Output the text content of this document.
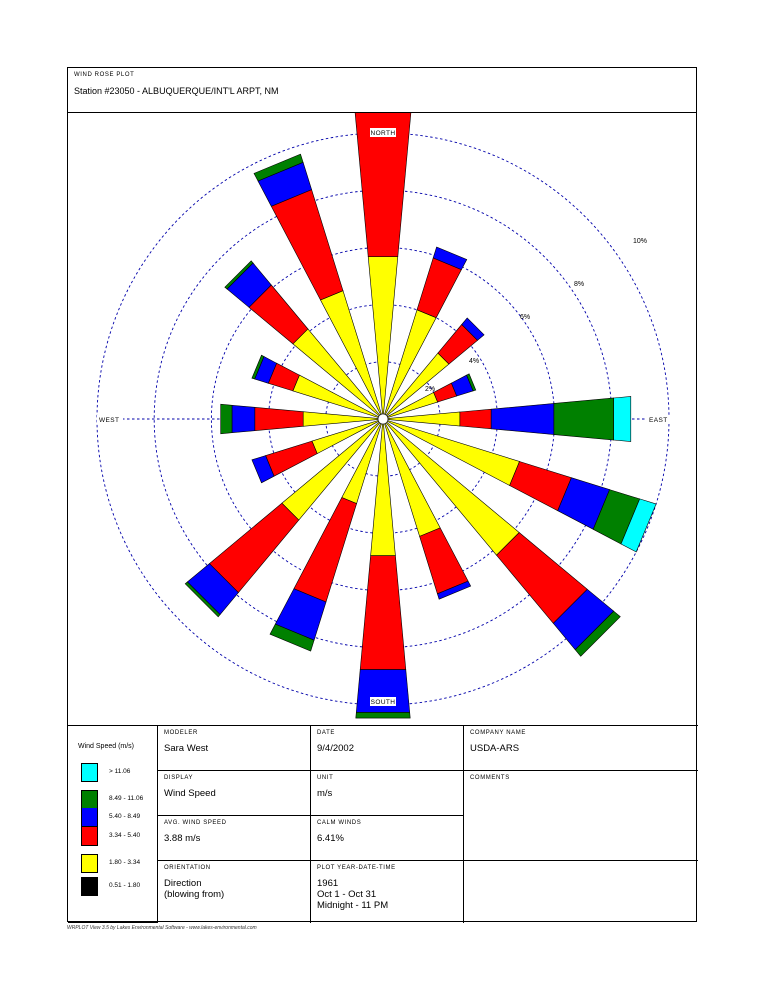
WIND ROSE PLOT
Station #23050 - ALBUQUERQUE/INT'L ARPT, NM
2%
4%
6%
8%
10%
NORTH
SOUTH
EAST
WEST
Wind Speed (m/s)
> 11.06
8.49 - 11.06
5.40 - 8.49
3.34 - 5.40
1.80 - 3.34
0.51 - 1.80
MODELER
Sara West
DATE
9/4/2002
COMPANY NAME
USDA-ARS
DISPLAY
Wind Speed
UNIT
m/s
COMMENTS
AVG. WIND SPEED
3.88 m/s
CALM WINDS
6.41%
ORIENTATION
Direction
(blowing from)
PLOT YEAR-DATE-TIME
1961
Oct 1 - Oct 31
Midnight - 11 PM
WRPLOT View 3.5 by Lakes Environmental Software - www.lakes-environmental.com
